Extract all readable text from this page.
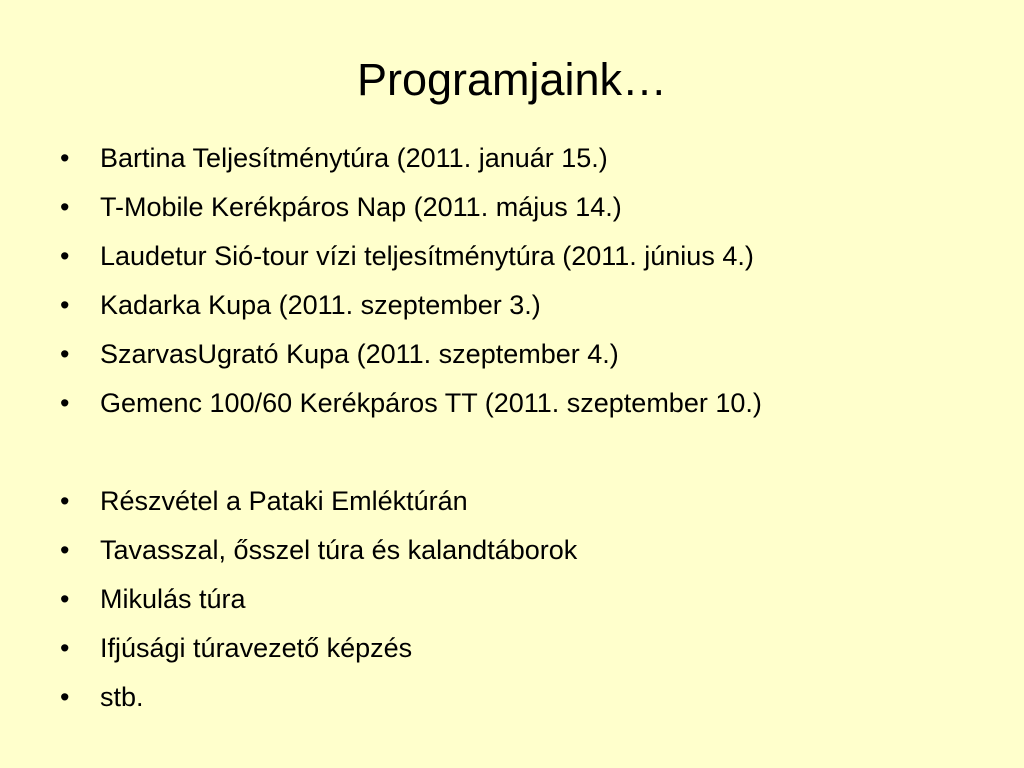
Programjaink…
•	Bartina Teljesítménytúra (2011. január 15.)
•	T-Mobile Kerékpáros Nap (2011. május 14.)
•	Laudetur Sió-tour vízi teljesítménytúra (2011. június 4.)
•	Kadarka Kupa (2011. szeptember 3.)
•	SzarvasUgrató Kupa (2011. szeptember 4.)
•	Gemenc 100/60 Kerékpáros TT (2011. szeptember 10.)
•	Részvétel a Pataki Emléktúrán
•	Tavasszal, ősszel túra és kalandtáborok
•	Mikulás túra
•	Ifjúsági túravezető képzés
•	stb.
